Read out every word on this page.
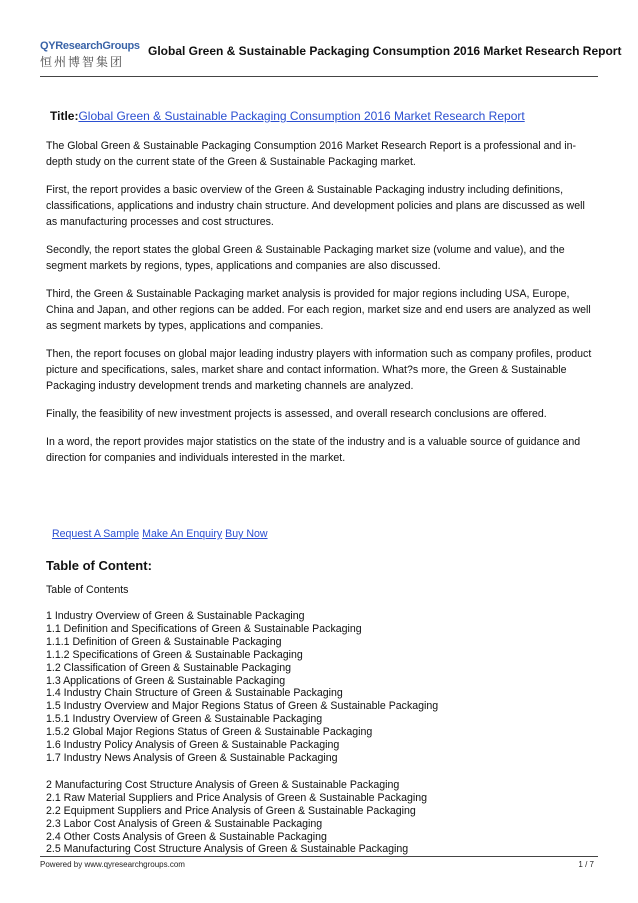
QYResearchGroups
恒州博智集团
Global Green & Sustainable Packaging Consumption 2016 Market Research Report
Title:Global Green & Sustainable Packaging Consumption 2016 Market Research Report

The Global Green & Sustainable Packaging Consumption 2016 Market Research Report is a professional and in-depth study on the current state of the Green & Sustainable Packaging market.

First, the report provides a basic overview of the Green & Sustainable Packaging industry including definitions, classifications, applications and industry chain structure. And development policies and plans are discussed as well as manufacturing processes and cost structures.

Secondly, the report states the global Green & Sustainable Packaging market size (volume and value), and the segment markets by regions, types, applications and companies are also discussed.

Third, the Green & Sustainable Packaging market analysis is provided for major regions including USA, Europe, China and Japan, and other regions can be added. For each region, market size and end users are analyzed as well as segment markets by types, applications and companies.

Then, the report focuses on global major leading industry players with information such as company profiles, product picture and specifications, sales, market share and contact information. What?s more, the Green & Sustainable Packaging industry development trends and marketing channels are analyzed.

Finally, the feasibility of new investment projects is assessed, and overall research conclusions are offered.

In a word, the report provides major statistics on the state of the industry and is a valuable source of guidance and direction for companies and individuals interested in the market.

Request A Sample Make An Enquiry Buy Now
Table of Content:
Table of Contents
1 Industry Overview of Green & Sustainable Packaging
1.1 Definition and Specifications of Green & Sustainable Packaging
1.1.1 Definition of Green & Sustainable Packaging
1.1.2 Specifications of Green & Sustainable Packaging
1.2 Classification of Green & Sustainable Packaging
1.3 Applications of Green & Sustainable Packaging
1.4 Industry Chain Structure of Green & Sustainable Packaging
1.5 Industry Overview and Major Regions Status of Green & Sustainable Packaging
1.5.1 Industry Overview of Green & Sustainable Packaging
1.5.2 Global Major Regions Status of Green & Sustainable Packaging
1.6 Industry Policy Analysis of Green & Sustainable Packaging
1.7 Industry News Analysis of Green & Sustainable Packaging
2 Manufacturing Cost Structure Analysis of Green & Sustainable Packaging
2.1 Raw Material Suppliers and Price Analysis of Green & Sustainable Packaging
2.2 Equipment Suppliers and Price Analysis of Green & Sustainable Packaging
2.3 Labor Cost Analysis of Green & Sustainable Packaging
2.4 Other Costs Analysis of Green & Sustainable Packaging
2.5 Manufacturing Cost Structure Analysis of Green & Sustainable Packaging
Powered by www.qyresearchgroups.com	1 / 7
